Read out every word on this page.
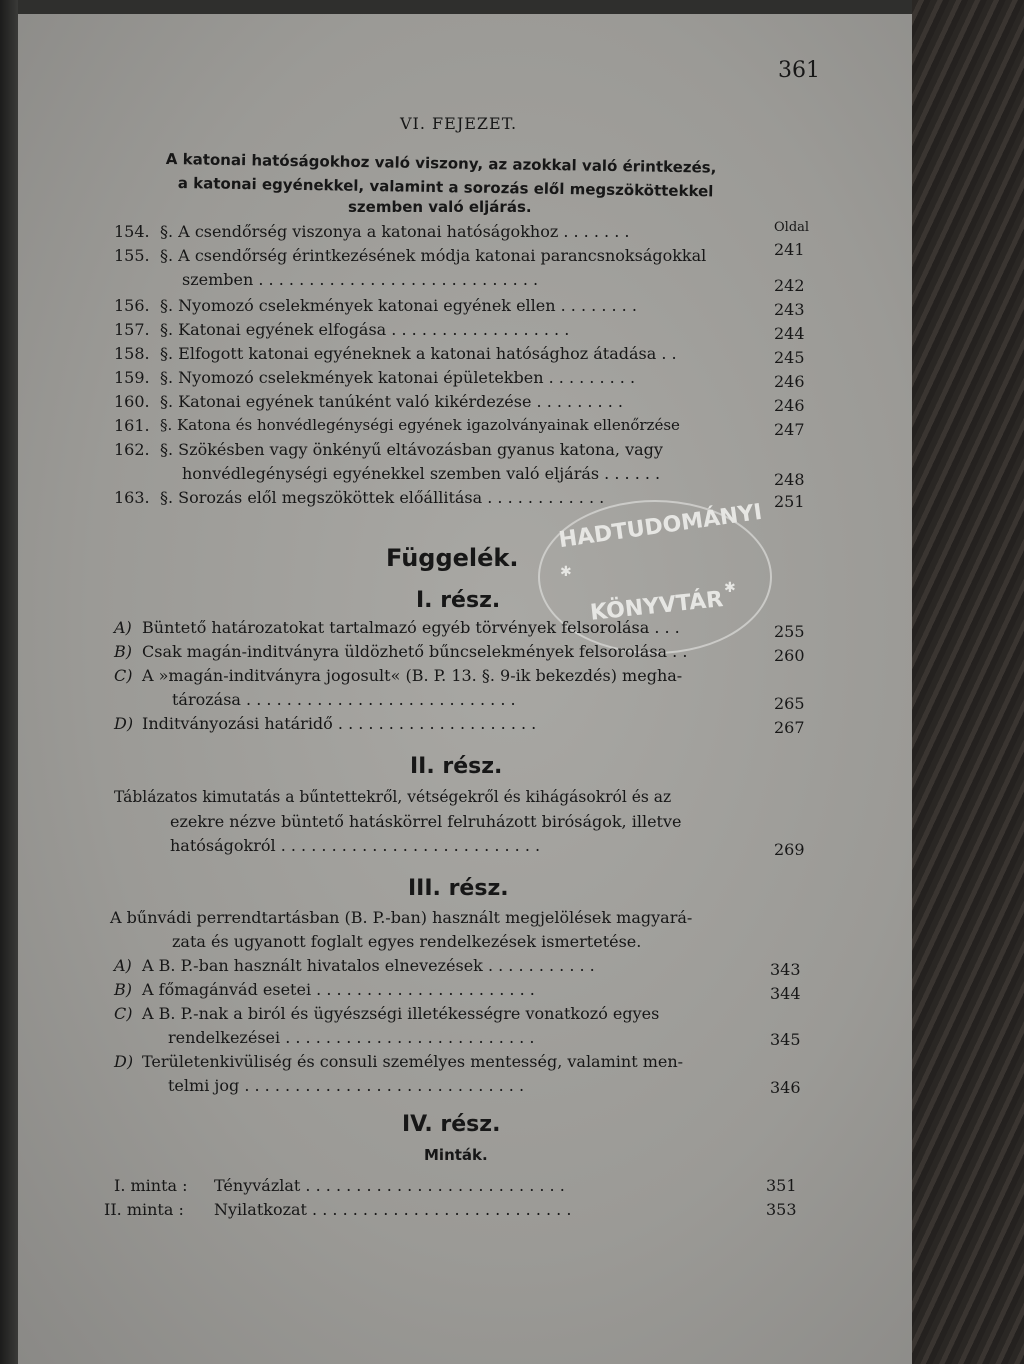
361
VI. FEJEZET.
A katonai hatóságokhoz való viszony, az azokkal való érintkezés,
a katonai egyénekkel, valamint a sorozás elől megszököttekkel
szemben való eljárás.
Oldal
154. §. A csendőrség viszonya a katonai hatóságokhoz . . . . . . .
241
155. §. A csendőrség érintkezésének módja katonai parancsnokságokkal
szemben . . . . . . . . . . . . . . . . . . . . . . . . . . . .	242
156. §. Nyomozó cselekmények katonai egyének ellen . . . . . . . .	243
157. §. Katonai egyének elfogása . . . . . . . . . . . . . . . . . .	244
158. §. Elfogott katonai egyéneknek a katonai hatósághoz átadása . .	245
159. §. Nyomozó cselekmények katonai épületekben . . . . . . . . .	246
160. §. Katonai egyének tanúként való kikérdezése . . . . . . . . .	246
161. §. Katona és honvédlegénységi egyének igazolványainak ellenőrzése	247
162. §. Szökésben vagy önkényű eltávozásban gyanus katona, vagy
honvédlegénységi egyénekkel szemben való eljárás . . . . . .	248
163. §. Sorozás elől megszököttek előállitása . . . . . . . . . . . .	251
HADTUDOMÁNYI
KÖNYVTÁR
✱
✱
Függelék.
I. rész.
A) Büntető határozatokat tartalmazó egyéb törvények felsorolása . . .	255
B) Csak magán-inditványra üldözhető bűncselekmények felsorolása . .	260
C) A »magán-inditványra jogosult« (B. P. 13. §. 9-ik bekezdés) megha-
tározása . . . . . . . . . . . . . . . . . . . . . . . . . . .	265
D) Inditványozási határidő . . . . . . . . . . . . . . . . . . . .	267
II. rész.
Táblázatos kimutatás a bűntettekről, vétségekről és kihágásokról és az
ezekre nézve büntető hatáskörrel felruházott biróságok, illetve
hatóságokról . . . . . . . . . . . . . . . . . . . . . . . . . .	269
III. rész.
A bűnvádi perrendtartásban (B. P.-ban) használt megjelölések magyará-
zata és ugyanott foglalt egyes rendelkezések ismertetése.
A) A B. P.-ban használt hivatalos elnevezések . . . . . . . . . . .	343
B) A főmagánvád esetei . . . . . . . . . . . . . . . . . . . . . .	344
C) A B. P.-nak a biról és ügyészségi illetékességre vonatkozó egyes
rendelkezései . . . . . . . . . . . . . . . . . . . . . . . . .	345
D) Területenkivüliség és consuli személyes mentesség, valamint men-
telmi jog . . . . . . . . . . . . . . . . . . . . . . . . . . . .	346
IV. rész.
Minták.
I. minta : Tényvázlat . . . . . . . . . . . . . . . . . . . . . . . . . .	351
II. minta : Nyilatkozat . . . . . . . . . . . . . . . . . . . . . . . . . .	353
